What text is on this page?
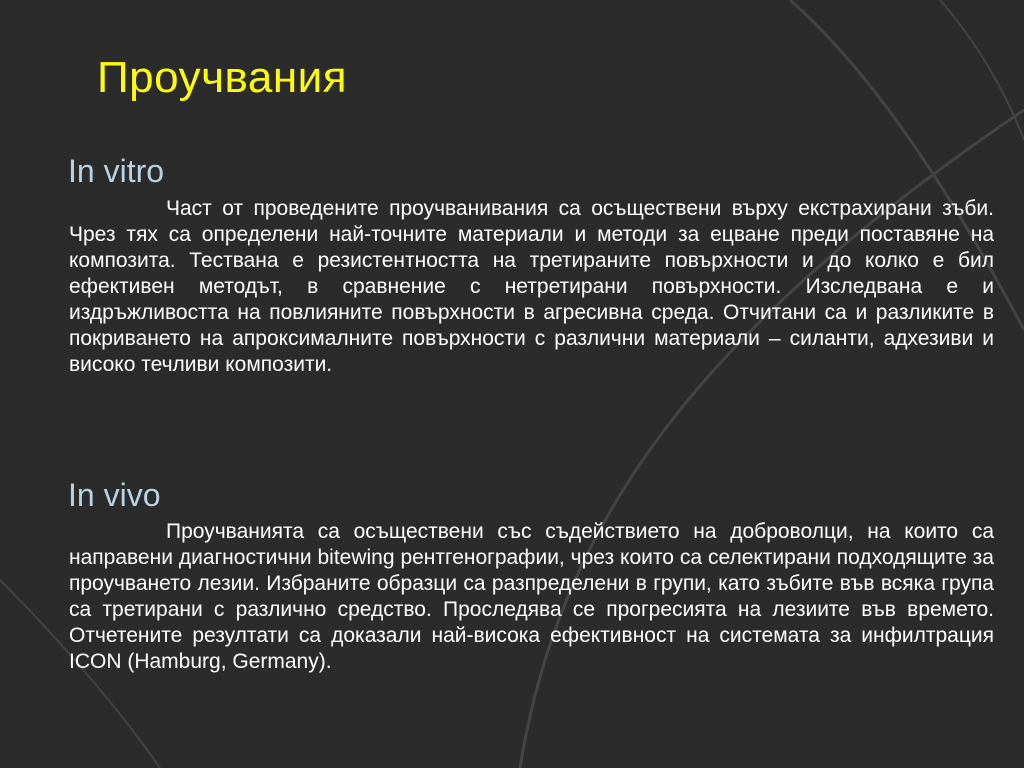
Проучвания
In vitro

Част от проведените проучванивания са осъществени върху екстрахирани зъби. Чрез тях са определени най-точните материали и методи за ецване преди поставяне на композита. Тествана е резистентността на третираните повърхности и до колко е бил ефективен методът, в сравнение с нетретирани повърхности. Изследвана е и издръжливостта на повлияните повърхности в агресивна среда. Отчитани са и разликите в покриването на апроксималните повърхности с различни материали – силанти, адхезиви и високо течливи композити.

In vivo

Проучванията са осъществени със съдействието на доброволци, на които са направени диагностични bitewing рентгенографии, чрез които са селектирани подходящите за проучването лезии. Избраните образци са разпределени в групи, като зъбите във всяка група са третирани с различно средство. Проследява се прогресията на лезиите във времето. Отчетените резултати са доказали най-висока ефективност на системата за инфилтрация ICON (Hamburg, Germany).
